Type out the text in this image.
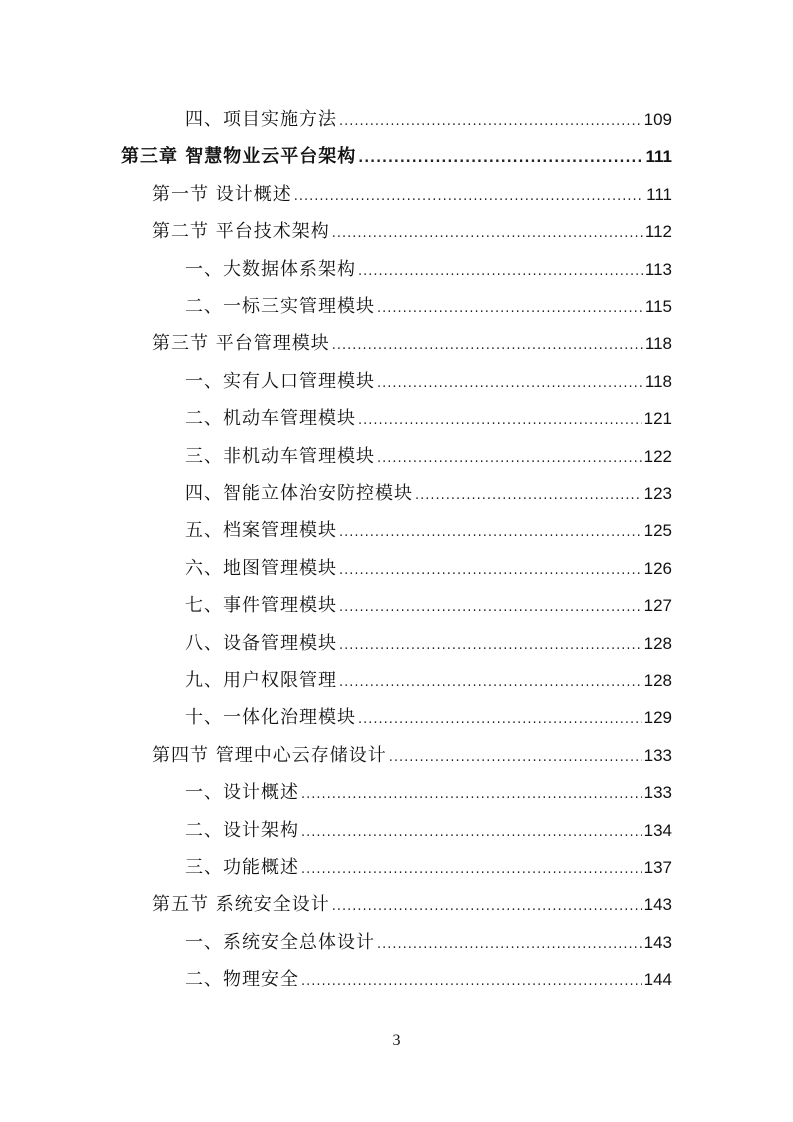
四、项目实施方法 .....	109
第三章 智慧物业云平台架构 .....	111
第一节 设计概述 .....	111
第二节 平台技术架构 .....	112
一、大数据体系架构 .....	113
二、一标三实管理模块 .....	115
第三节 平台管理模块 .....	118
一、实有人口管理模块 .....	118
二、机动车管理模块 .....	121
三、非机动车管理模块 .....	122
四、智能立体治安防控模块 .....	123
五、档案管理模块 .....	125
六、地图管理模块 .....	126
七、事件管理模块 .....	127
八、设备管理模块 .....	128
九、用户权限管理 .....	128
十、一体化治理模块 .....	129
第四节 管理中心云存储设计 .....	133
一、设计概述 .....	133
二、设计架构 .....	134
三、功能概述 .....	137
第五节 系统安全设计 .....	143
一、系统安全总体设计 .....	143
二、物理安全 .....	144
3
